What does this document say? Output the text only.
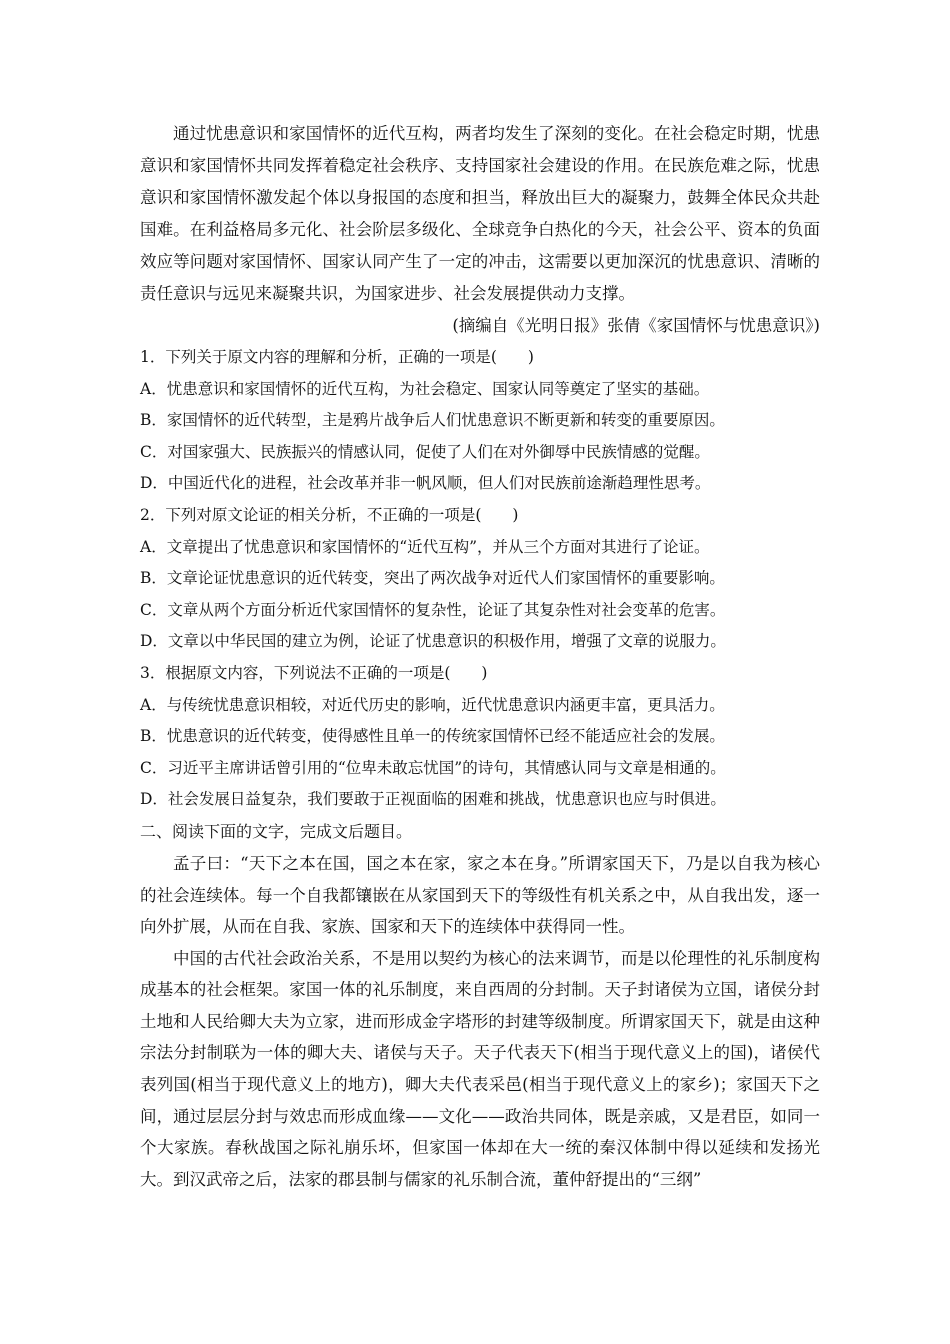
通过忧患意识和家国情怀的近代互构，两者均发生了深刻的变化。在社会稳定时期，忧患意识和家国情怀共同发挥着稳定社会秩序、支持国家社会建设的作用。在民族危难之际，忧患意识和家国情怀激发起个体以身报国的态度和担当，释放出巨大的凝聚力，鼓舞全体民众共赴国难。在利益格局多元化、社会阶层多级化、全球竞争白热化的今天，社会公平、资本的负面效应等问题对家国情怀、国家认同产生了一定的冲击，这需要以更加深沉的忧患意识、清晰的责任意识与远见来凝聚共识，为国家进步、社会发展提供动力支撑。

(摘编自《光明日报》张倩《家国情怀与忧患意识》)

1．下列关于原文内容的理解和分析，正确的一项是(　　)

A．忧患意识和家国情怀的近代互构，为社会稳定、国家认同等奠定了坚实的基础。

B．家国情怀的近代转型，主是鸦片战争后人们忧患意识不断更新和转变的重要原因。

C．对国家强大、民族振兴的情感认同，促使了人们在对外御辱中民族情感的觉醒。

D．中国近代化的进程，社会改革并非一帆风顺，但人们对民族前途渐趋理性思考。

2．下列对原文论证的相关分析，不正确的一项是(　　)

A．文章提出了忧患意识和家国情怀的“近代互构”，并从三个方面对其进行了论证。

B．文章论证忧患意识的近代转变，突出了两次战争对近代人们家国情怀的重要影响。

C．文章从两个方面分析近代家国情怀的复杂性，论证了其复杂性对社会变革的危害。

D．文章以中华民国的建立为例，论证了忧患意识的积极作用，增强了文章的说服力。

3．根据原文内容，下列说法不正确的一项是(　　)

A．与传统忧患意识相较，对近代历史的影响，近代忧患意识内涵更丰富，更具活力。

B．忧患意识的近代转变，使得感性且单一的传统家国情怀已经不能适应社会的发展。

C．习近平主席讲话曾引用的“位卑未敢忘忧国”的诗句，其情感认同与文章是相通的。

D．社会发展日益复杂，我们要敢于正视面临的困难和挑战，忧患意识也应与时俱进。

二、阅读下面的文字，完成文后题目。

孟子曰：“天下之本在国，国之本在家，家之本在身。”所谓家国天下，乃是以自我为核心的社会连续体。每一个自我都镶嵌在从家国到天下的等级性有机关系之中，从自我出发，逐一向外扩展，从而在自我、家族、国家和天下的连续体中获得同一性。

中国的古代社会政治关系，不是用以契约为核心的法来调节，而是以伦理性的礼乐制度构成基本的社会框架。家国一体的礼乐制度，来自西周的分封制。天子封诸侯为立国，诸侯分封土地和人民给卿大夫为立家，进而形成金字塔形的封建等级制度。所谓家国天下，就是由这种宗法分封制联为一体的卿大夫、诸侯与天子。天子代表天下(相当于现代意义上的国)，诸侯代表列国(相当于现代意义上的地方)，卿大夫代表采邑(相当于现代意义上的家乡)；家国天下之间，通过层层分封与效忠而形成血缘——文化——政治共同体，既是亲戚，又是君臣，如同一个大家族。春秋战国之际礼崩乐坏，但家国一体却在大一统的秦汉体制中得以延续和发扬光大。到汉武帝之后，法家的郡县制与儒家的礼乐制合流，董仲舒提出的“三纲”
